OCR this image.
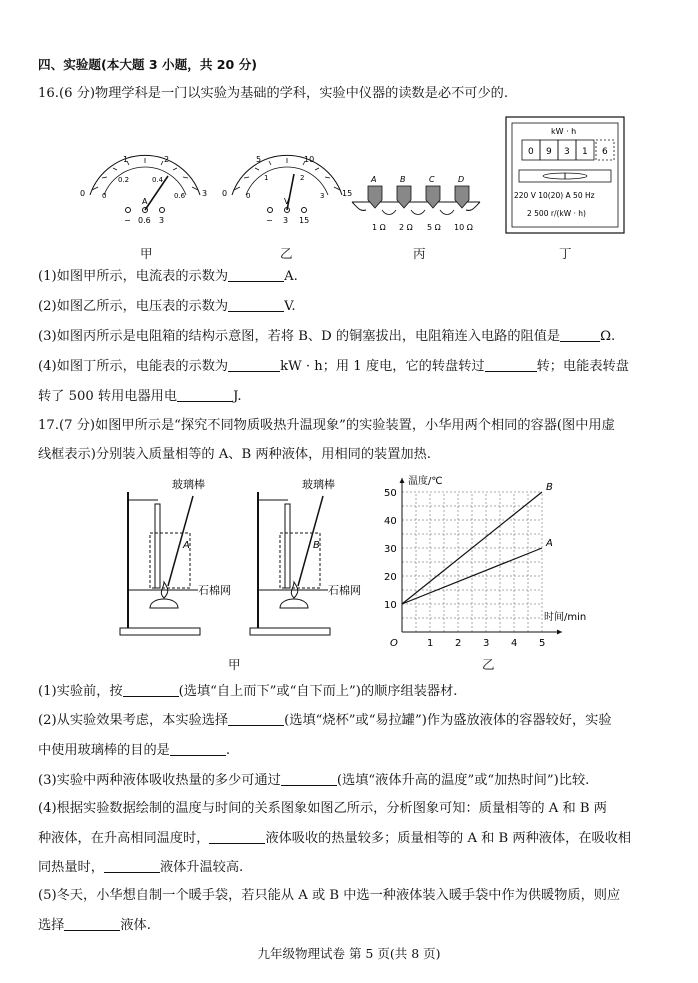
四、实验题(本大题 3 小题，共 20 分)
16.(6 分)物理学科是一门以实验为基础的学科，实验中仪器的读数是必不可少的.
0
1	2
3
0
0.2	0.4
0.6
A
− 0.6 3
0
5	10
15
0
1	2
3
V
− 3 15
A	B	C	D
1 Ω 2 Ω 5 Ω 10 Ω
kW · h
0 9 3 1 6
220 V 10(20) A 50 Hz
2 500 r/(kW · h)
甲	乙	丙	丁
(1)如图甲所示，电流表的示数为	A.
(2)如图乙所示，电压表的示数为	V.
(3)如图丙所示是电阻箱的结构示意图，若将 B、D 的铜塞拔出，电阻箱连入电路的阻值是	Ω.
(4)如图丁所示，电能表的示数为	kW · h；用 1 度电，它的转盘转过	转；电能表转盘
转了 500 转用电器用电	J.
17.(7 分)如图甲所示是“探究不同物质吸热升温现象”的实验装置，小华用两个相同的容器(图中用虚
线框表示)分别装入质量相等的 A、B 两种液体，用相同的装置加热.
玻璃棒	玻璃棒
A	B
石棉网	石棉网
甲
1 2 3 4 5
10
20
30
40
50
A
B
温度/℃
时间/min
O
乙
(1)实验前，按	(选填“自上而下”或“自下而上”)的顺序组装器材.
(2)从实验效果考虑，本实验选择	(选填“烧杯”或“易拉罐”)作为盛放液体的容器较好，实验
中使用玻璃棒的目的是	.
(3)实验中两种液体吸收热量的多少可通过	(选填“液体升高的温度”或“加热时间”)比较.
(4)根据实验数据绘制的温度与时间的关系图象如图乙所示，分析图象可知：质量相等的 A 和 B 两
种液体，在升高相同温度时，	液体吸收的热量较多；质量相等的 A 和 B 两种液体，在吸收相
同热量时，	液体升温较高.
(5)冬天，小华想自制一个暖手袋，若只能从 A 或 B 中选一种液体装入暖手袋中作为供暖物质，则应
选择	液体.
九年级物理试卷 第 5 页(共 8 页)
